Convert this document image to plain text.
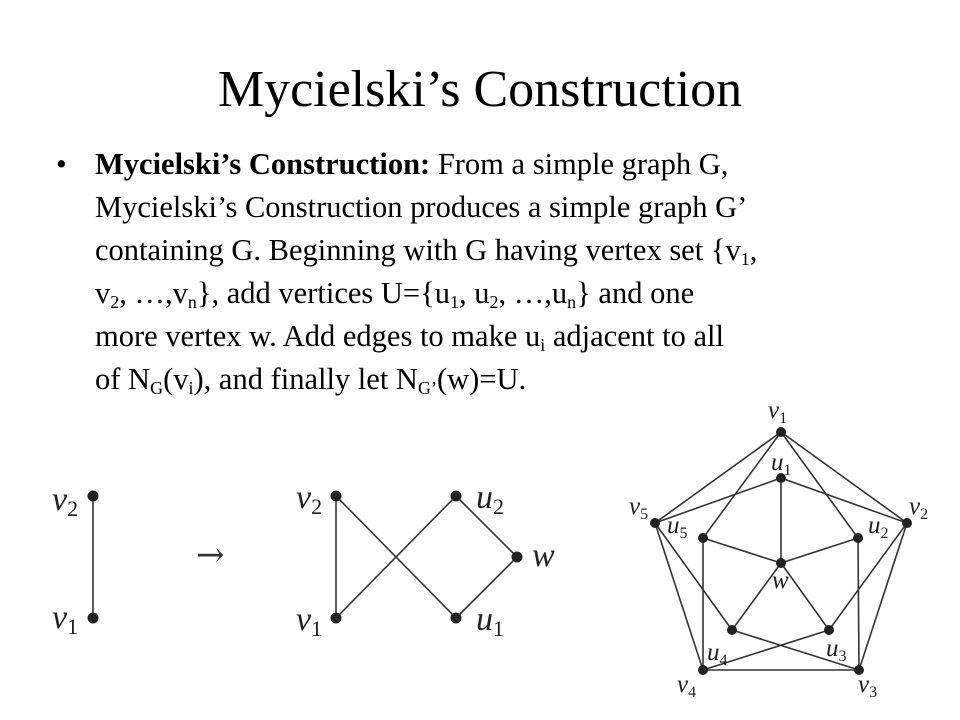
Mycielski’s Construction
• Mycielski’s Construction: From a simple graph G,
Mycielski’s Construction produces a simple graph G’
containing G. Beginning with G having vertex set {$v_1$,
$v_2$, $\dots,v_n$}, add vertices $U=\{u_1$, $u_2$, $\dots,u_n$} and one
more vertex w. Add edges to make $u_i$ adjacent to all
of $N_G(v_i)$, and finally let $N_{G’}(w)=U$.
→
v2
v1
v2
v1
u2
u1
w
$v_1$
$u_1$
$v_2$
$u_2$
$v_5$ $u_5$
w
$u_4$	$u_3$
$v_4$	$v_3$
